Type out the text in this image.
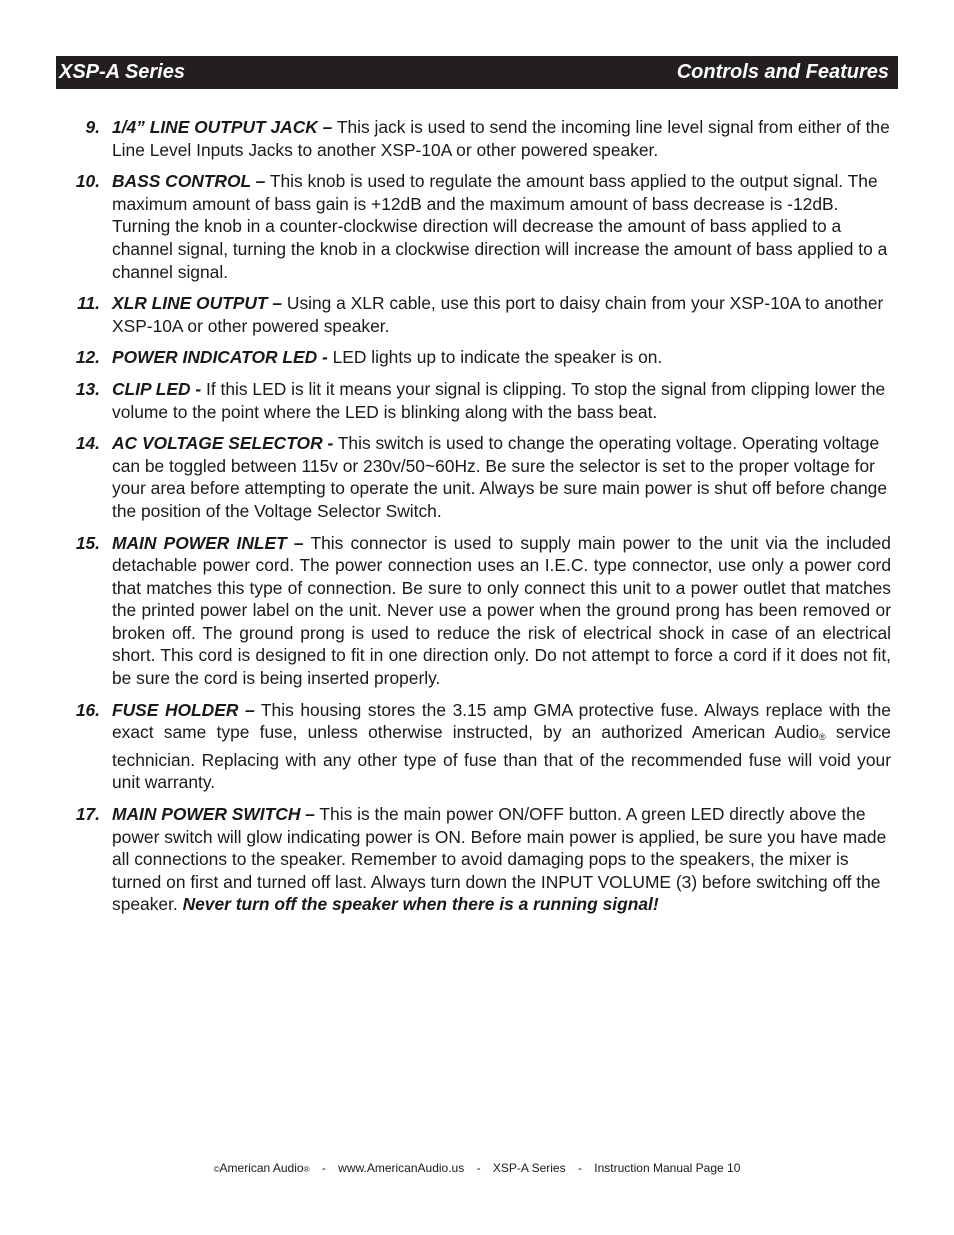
XSP-A Series	Controls and Features
9. 1/4” LINE OUTPUT JACK – This jack is used to send the incoming line level signal from either of the Line Level Inputs Jacks to another XSP-10A or other powered speaker.
10. BASS CONTROL – This knob is used to regulate the amount bass applied to the output signal. The maximum amount of bass gain is +12dB and the maximum amount of bass decrease is -12dB. Turning the knob in a counter-clockwise direction will decrease the amount of bass applied to a channel signal, turning the knob in a clockwise direction will increase the amount of bass applied to a channel signal.
11. XLR LINE OUTPUT – Using a XLR cable, use this port to daisy chain from your XSP-10A to another XSP-10A or other powered speaker.
12. POWER INDICATOR LED - LED lights up to indicate the speaker is on.
13. CLIP LED - If this LED is lit it means your signal is clipping. To stop the signal from clipping lower the volume to the point where the LED is blinking along with the bass beat.
14. AC VOLTAGE SELECTOR - This switch is used to change the operating voltage. Operating voltage can be toggled between 115v or 230v/50~60Hz. Be sure the selector is set to the proper voltage for your area before attempting to operate the unit. Always be sure main power is shut off before change the position of the Voltage Selector Switch.
15. MAIN POWER INLET – This connector is used to supply main power to the unit via the included detachable power cord. The power connection uses an I.E.C. type connector, use only a power cord that matches this type of connection. Be sure to only connect this unit to a power outlet that matches the printed power label on the unit. Never use a power when the ground prong has been removed or broken off. The ground prong is used to reduce the risk of electrical shock in case of an electrical short. This cord is designed to fit in one direction only. Do not attempt to force a cord if it does not fit, be sure the cord is being inserted properly.
16. FUSE HOLDER – This housing stores the 3.15 amp GMA protective fuse. Always replace with the exact same type fuse, unless otherwise instructed, by an authorized American Audio® service technician. Replacing with any other type of fuse than that of the recommended fuse will void your unit warranty.
17. MAIN POWER SWITCH – This is the main power ON/OFF button. A green LED directly above the power switch will glow indicating power is ON. Before main power is applied, be sure you have made all connections to the speaker. Remember to avoid damaging pops to the speakers, the mixer is turned on first and turned off last. Always turn down the INPUT VOLUME (3) before switching off the speaker. Never turn off the speaker when there is a running signal!
©American Audio® - www.AmericanAudio.us - XSP-A Series - Instruction Manual Page 10
